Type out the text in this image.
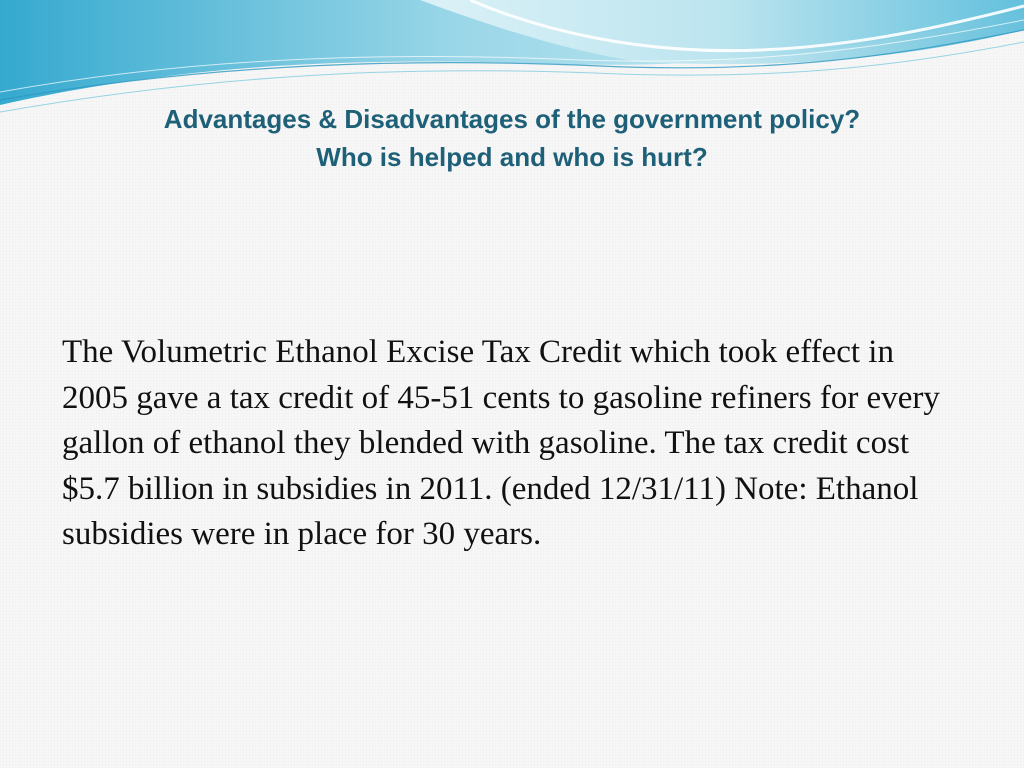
Advantages & Disadvantages of the government policy?
Who is helped and who is hurt?
The Volumetric Ethanol Excise Tax Credit which took effect in 2005 gave a tax credit of 45-51 cents to gasoline refiners for every gallon of ethanol they blended with gasoline. The tax credit cost $5.7 billion in subsidies in 2011. (ended 12/31/11) Note: Ethanol subsidies were in place for 30 years.
